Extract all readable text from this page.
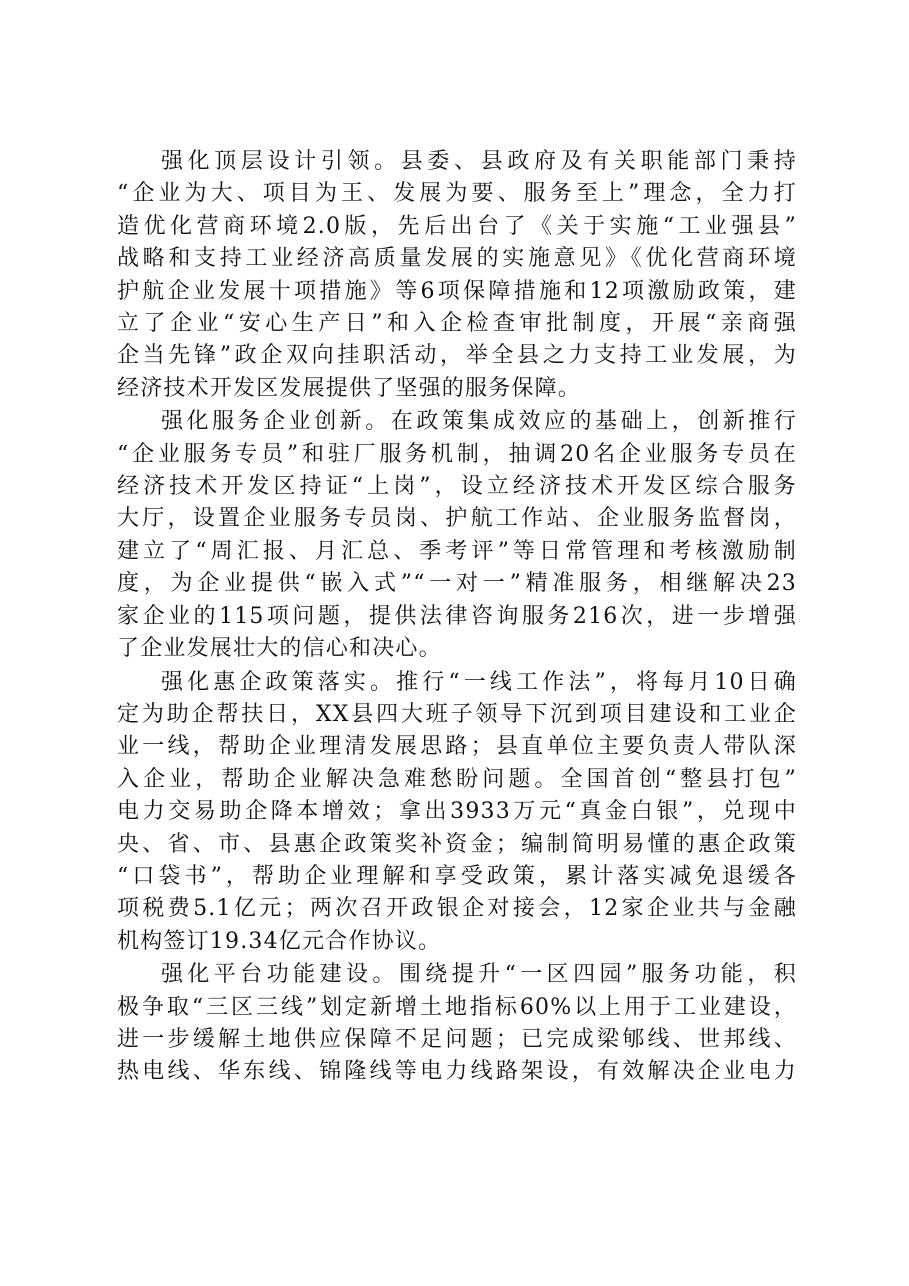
强化顶层设计引领。县委、县政府及有关职能部门秉持
“企业为大、项目为王、发展为要、服务至上”理念，全力打
造优化营商环境2.0版，先后出台了《关于实施“工业强县”
战略和支持工业经济高质量发展的实施意见》《优化营商环境
护航企业发展十项措施》等6项保障措施和12项激励政策，建
立了企业“安心生产日”和入企检查审批制度，开展“亲商强
企当先锋”政企双向挂职活动，举全县之力支持工业发展，为
经济技术开发区发展提供了坚强的服务保障。

强化服务企业创新。在政策集成效应的基础上，创新推行
“企业服务专员”和驻厂服务机制，抽调20名企业服务专员在
经济技术开发区持证“上岗”，设立经济技术开发区综合服务
大厅，设置企业服务专员岗、护航工作站、企业服务监督岗，
建立了“周汇报、月汇总、季考评”等日常管理和考核激励制
度，为企业提供“嵌入式”“一对一”精准服务，相继解决23
家企业的115项问题，提供法律咨询服务216次，进一步增强
了企业发展壮大的信心和决心。

强化惠企政策落实。推行“一线工作法”，将每月10日确
定为助企帮扶日，XX县四大班子领导下沉到项目建设和工业企
业一线，帮助企业理清发展思路；县直单位主要负责人带队深
入企业，帮助企业解决急难愁盼问题。全国首创“整县打包”
电力交易助企降本增效；拿出3933万元“真金白银”，兑现中
央、省、市、县惠企政策奖补资金；编制简明易懂的惠企政策
“口袋书”，帮助企业理解和享受政策，累计落实减免退缓各
项税费5.1亿元；两次召开政银企对接会，12家企业共与金融
机构签订19.34亿元合作协议。

强化平台功能建设。围绕提升“一区四园”服务功能，积
极争取“三区三线”划定新增土地指标60%以上用于工业建设，
进一步缓解土地供应保障不足问题；已完成梁郇线、世邦线、
热电线、华东线、锦隆线等电力线路架设，有效解决企业电力
